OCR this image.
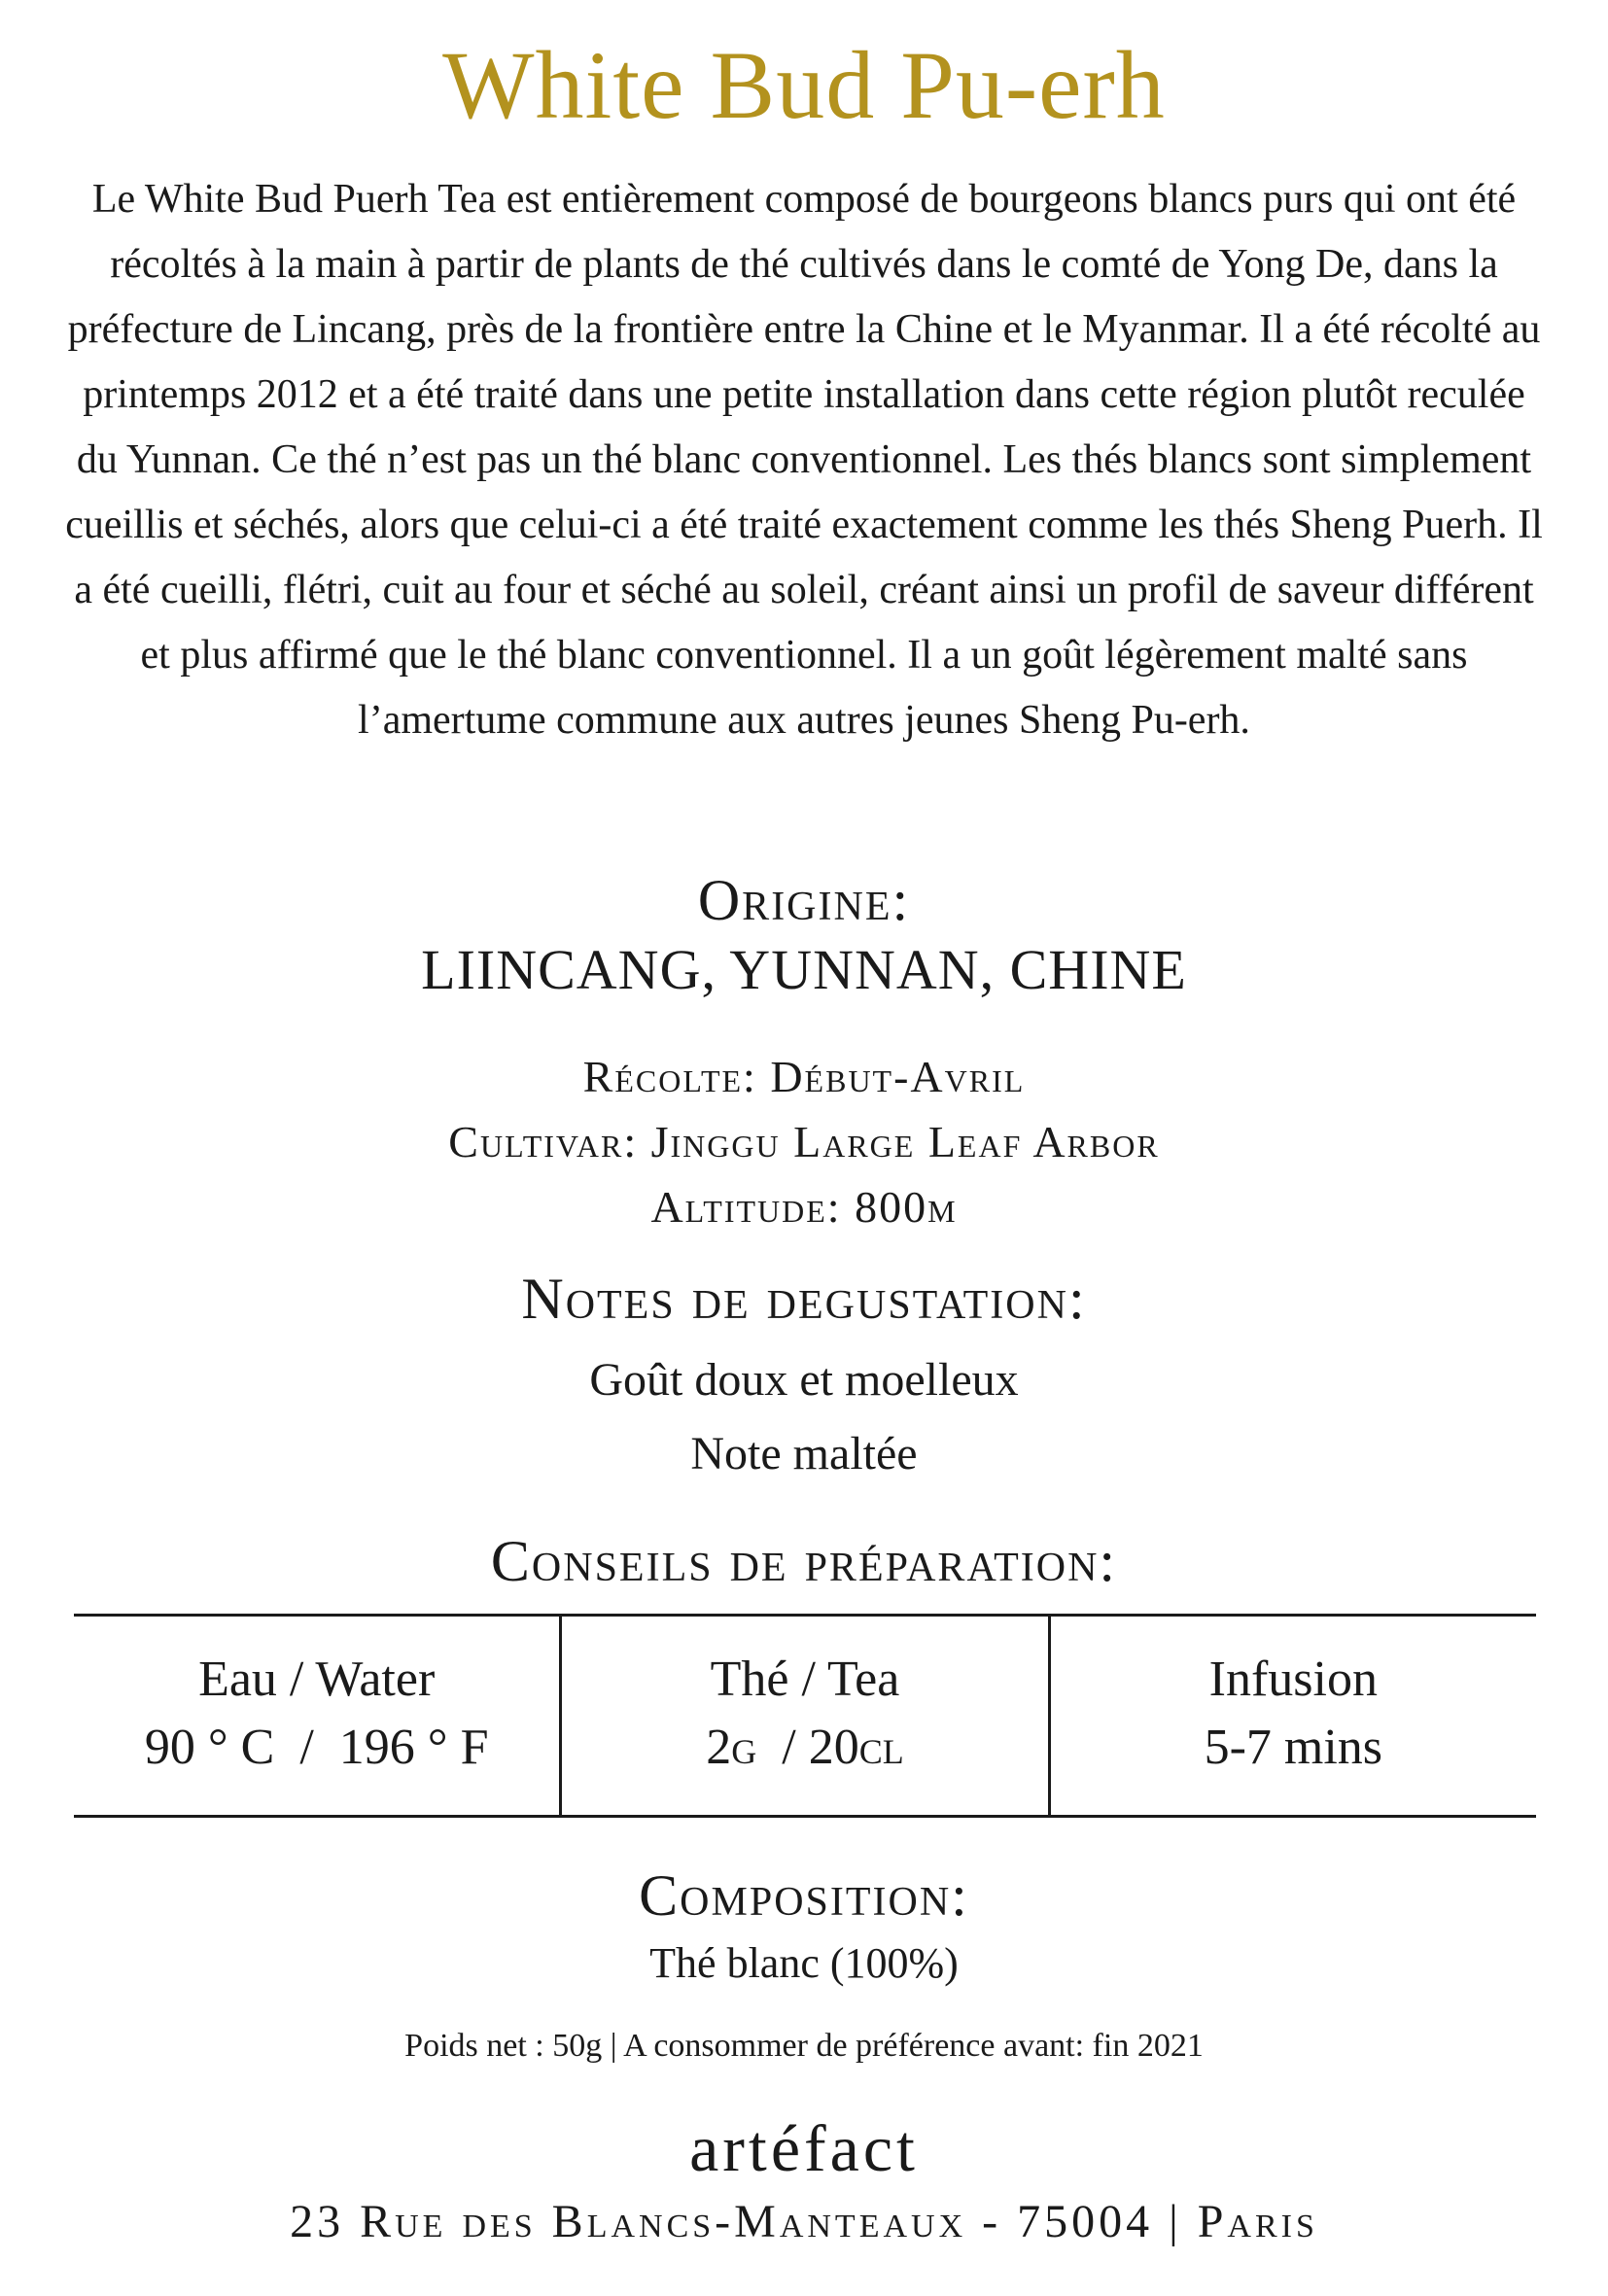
White Bud Pu-erh
Le White Bud Puerh Tea est entièrement composé de bourgeons blancs purs qui ont été récoltés à la main à partir de plants de thé cultivés dans le comté de Yong De, dans la préfecture de Lincang, près de la frontière entre la Chine et le Myanmar. Il a été récolté au printemps 2012 et a été traité dans une petite installation dans cette région plutôt reculée du Yunnan. Ce thé n’est pas un thé blanc conventionnel. Les thés blancs sont simplement cueillis et séchés, alors que celui-ci a été traité exactement comme les thés Sheng Puerh. Il a été cueilli, flétri, cuit au four et séché au soleil, créant ainsi un profil de saveur différent et plus affirmé que le thé blanc conventionnel. Il a un goût légèrement malté sans l’amertume commune aux autres jeunes Sheng Pu-erh.
Origine:
LIINCANG, YUNNAN, CHINE
Récolte: Début-Avril
Cultivar: Jinggu Large Leaf Arbor
Altitude: 800m
Notes de degustation:
Goût doux et moelleux
Note maltée
Conseils de préparation:
Eau / Water
90 ° C  /  196 ° F
Thé / Tea
2g  / 20cl
Infusion
5-7 mins
Composition:
Thé blanc (100%)
Poids net : 50g | A consommer de préférence avant: fin 2021
artéfact
23 Rue des Blancs-Manteaux - 75004 | Paris
